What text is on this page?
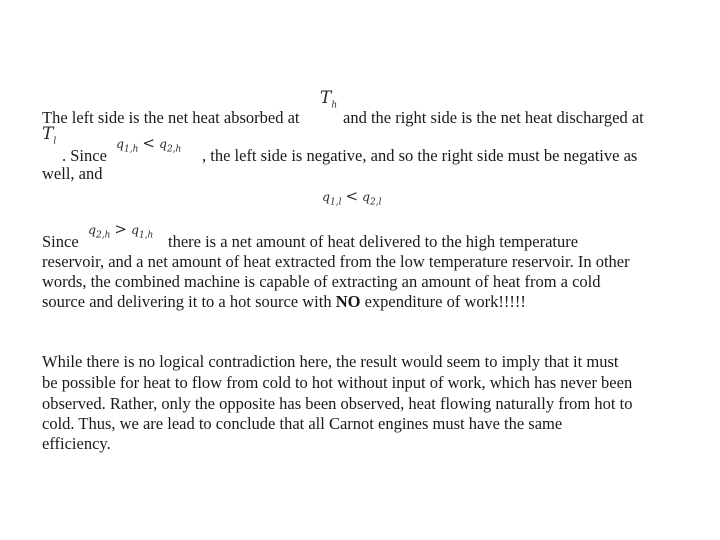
The left side is the net heat absorbed at	and the right side is the net heat discharged at
$T_h$
$T_l$	$q_{1,h} < q_{2,h}$
. Since	, the left side is negative, and so the right side must be negative as
well, and
$q_{1,l} < q_{2,l}$
$q_{2,h} > q_{1,h}$
Since	there is a net amount of heat delivered to the high temperature
reservoir, and a net amount of heat extracted from the low temperature reservoir. In other
words, the combined machine is capable of extracting an amount of heat from a cold
source and delivering it to a hot source with NO expenditure of work!!!!!
While there is no logical contradiction here, the result would seem to imply that it must
be possible for heat to flow from cold to hot without input of work, which has never been
observed. Rather, only the opposite has been observed, heat flowing naturally from hot to
cold. Thus, we are lead to conclude that all Carnot engines must have the same
efficiency.
